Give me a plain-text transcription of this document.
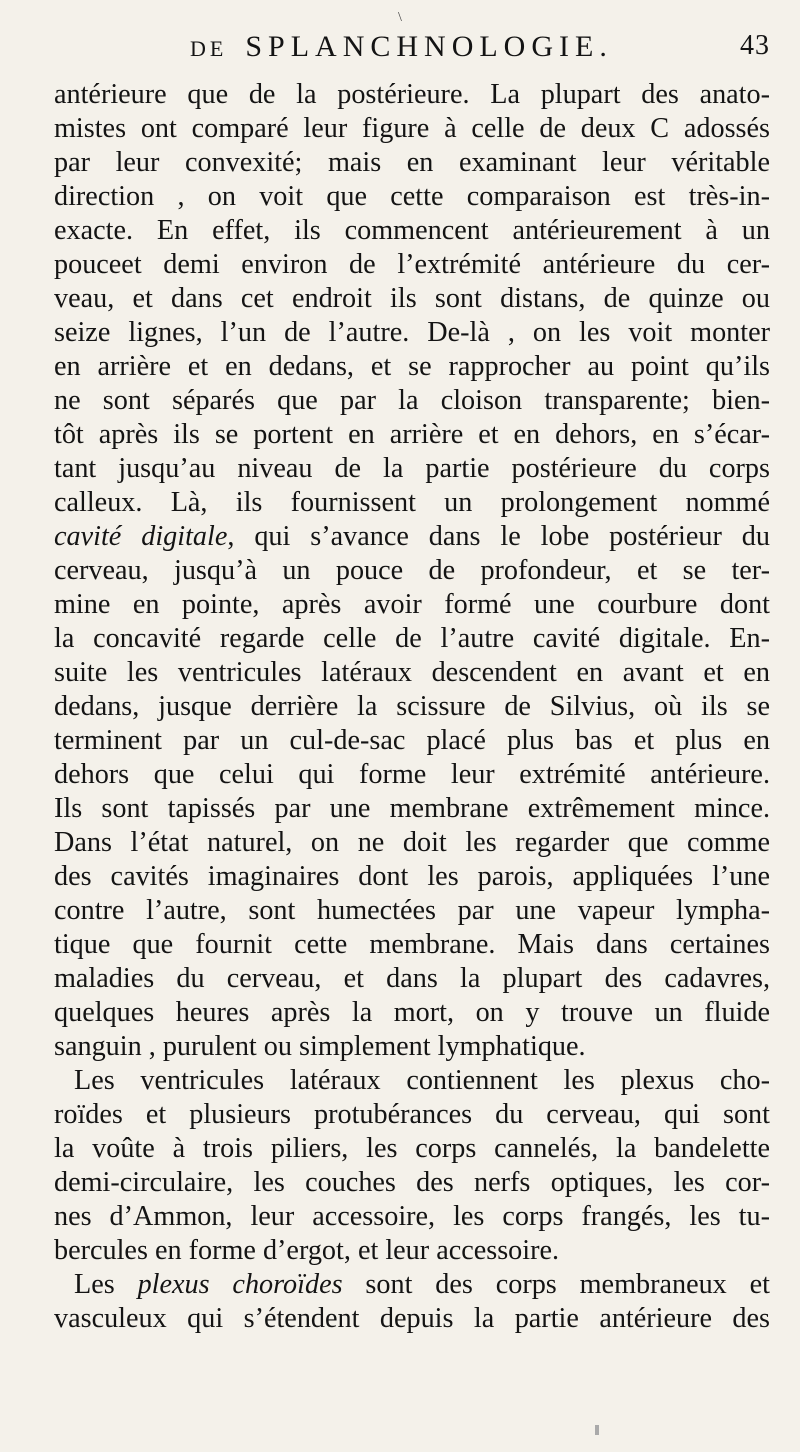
\
DE SPLANCHNOLOGIE.	43
antérieure que de la postérieure. La plupart des anato-
mistes ont comparé leur figure à celle de deux C adossés
par leur convexité; mais en examinant leur véritable
direction , on voit que cette comparaison est très-in-
exacte. En effet, ils commencent antérieurement à un
pouceet demi environ de l’extrémité antérieure du cer-
veau, et dans cet endroit ils sont distans, de quinze ou
seize lignes, l’un de l’autre. De-là , on les voit monter
en arrière et en dedans, et se rapprocher au point qu’ils
ne sont séparés que par la cloison transparente; bien-
tôt après ils se portent en arrière et en dehors, en s’écar-
tant jusqu’au niveau de la partie postérieure du corps
calleux. Là, ils fournissent un prolongement nommé
cavité digitale, qui s’avance dans le lobe postérieur du
cerveau, jusqu’à un pouce de profondeur, et se ter-
mine en pointe, après avoir formé une courbure dont
la concavité regarde celle de l’autre cavité digitale. En-
suite les ventricules latéraux descendent en avant et en
dedans, jusque derrière la scissure de Silvius, où ils se
terminent par un cul-de-sac placé plus bas et plus en
dehors que celui qui forme leur extrémité antérieure.
Ils sont tapissés par une membrane extrêmement mince.
Dans l’état naturel, on ne doit les regarder que comme
des cavités imaginaires dont les parois, appliquées l’une
contre l’autre, sont humectées par une vapeur lympha-
tique que fournit cette membrane. Mais dans certaines
maladies du cerveau, et dans la plupart des cadavres,
quelques heures après la mort, on y trouve un fluide
sanguin , purulent ou simplement lymphatique.
Les ventricules latéraux contiennent les plexus cho-
roïdes et plusieurs protubérances du cerveau, qui sont
la voûte à trois piliers, les corps cannelés, la bandelette
demi-circulaire, les couches des nerfs optiques, les cor-
nes d’Ammon, leur accessoire, les corps frangés, les tu-
bercules en forme d’ergot, et leur accessoire.
Les plexus choroïdes sont des corps membraneux et
vasculeux qui s’étendent depuis la partie antérieure des
